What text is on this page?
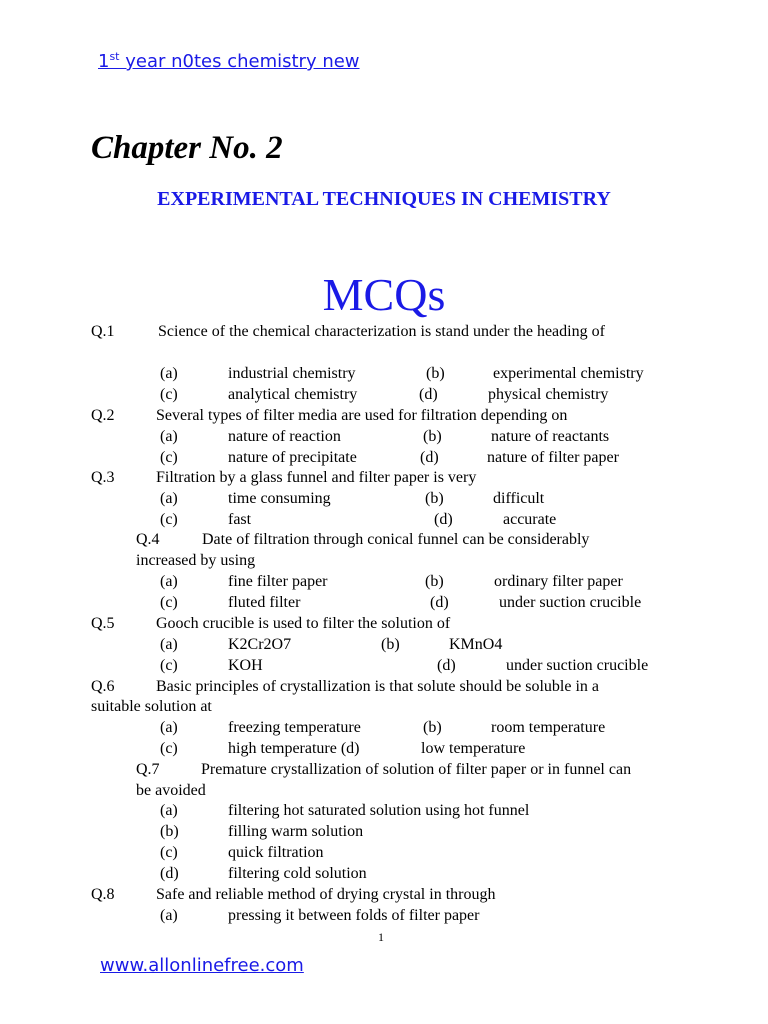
1st year n0tes chemistry new
Chapter No. 2
EXPERIMENTAL TECHNIQUES IN CHEMISTRY
MCQs
Q.1	Science of the chemical characterization is stand under the heading of
(a)	industrial chemistry	(b)	experimental chemistry
(c)	analytical chemistry	(d)	physical chemistry
Q.2	Several types of filter media are used for filtration depending on
(a)	nature of reaction	(b)	nature of reactants
(c)	nature of precipitate	(d)	nature of filter paper
Q.3	Filtration by a glass funnel and filter paper is very
(a)	time consuming	(b)	difficult
(c)	fast	(d)	accurate
Q.4	Date of filtration through conical funnel can be considerably
increased by using
(a)	fine filter paper	(b)	ordinary filter paper
(c)	fluted filter	(d)	under suction crucible
Q.5	Gooch crucible is used to filter the solution of
(a)	K2Cr2O7	(b)	KMnO4
(c)	KOH	(d)	under suction crucible
Q.6	Basic principles of crystallization is that solute should be soluble in a
suitable solution at
(a)	freezing temperature	(b)	room temperature
(c)	high temperature (d)	low temperature
Q.7	Premature crystallization of solution of filter paper or in funnel can
be avoided
(a)	filtering hot saturated solution using hot funnel
(b)	filling warm solution
(c)	quick filtration
(d)	filtering cold solution
Q.8	Safe and reliable method of drying crystal in through
(a)	pressing it between folds of filter paper
1
www.allonlinefree.com
